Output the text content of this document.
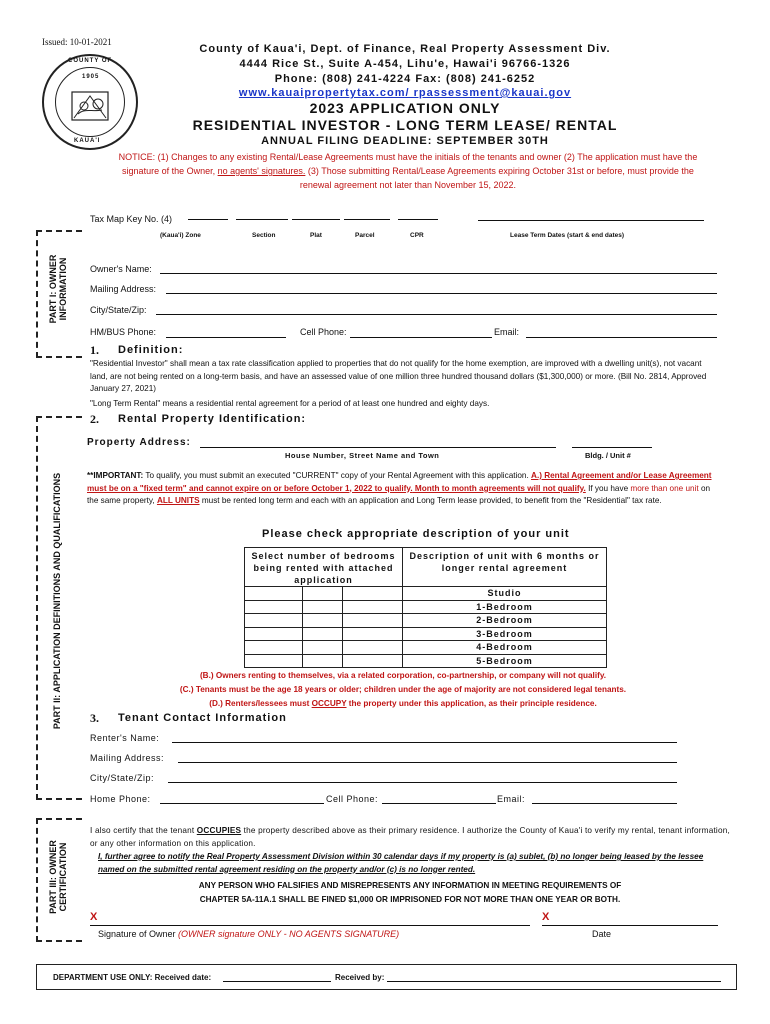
Issued: 10-01-2021
COUNTY OF
KAUA'I
1905
County of Kaua'i, Dept. of Finance, Real Property Assessment Div.
4444 Rice St., Suite A-454, Lihu'e, Hawai'i 96766-1326
Phone: (808) 241-4224 Fax: (808) 241-6252
www.kauaipropertytax.com/ rpassessment@kauai.gov
2023 APPLICATION ONLY
RESIDENTIAL INVESTOR - LONG TERM LEASE/ RENTAL
ANNUAL FILING DEADLINE: SEPTEMBER 30TH
NOTICE: (1) Changes to any existing Rental/Lease Agreements must have the initials of the tenants and owner (2) The application must have the signature of the Owner, no agents' signatures. (3) Those submitting Rental/Lease Agreements expiring October 31st or before, must provide the renewal agreement not later than November 15, 2022.
Tax Map Key No. (4)
(Kaua'i) Zone	Section	Plat	Parcel	CPR	Lease Term Dates (start & end dates)
PART I: OWNER INFORMATION Owner's Name:
Mailing Address:
City/State/Zip:
HM/BUS Phone:	Cell Phone:	Email:
1. Definition:
"Residential Investor" shall mean a tax rate classification applied to properties that do not qualify for the home exemption, are improved with a dwelling unit(s), not vacant land, are not being rented on a long-term basis, and have an assessed value of one million three hundred thousand dollars ($1,300,000) or more. (Bill No. 2814, Approved January 27, 2021)
"Long Term Rental" means a residential rental agreement for a period of at least one hundred and eighty days.
PART II: APPLICATION DEFINITIONS AND QUALIFICATIONS
2. Rental Property Identification:
Property Address:
House Number, Street Name and Town	Bldg. / Unit #
**IMPORTANT: To qualify, you must submit an executed "CURRENT" copy of your Rental Agreement with this application. A.) Rental Agreement and/or Lease Agreement must be on a "fixed term" and cannot expire on or before October 1, 2022 to qualify. Month to month agreements will not qualify. If you have more than one unit on the same property, ALL UNITS must be rented long term and each with an application and Long Term lease provided, to benefit from the "Residential" tax rate.
Please check appropriate description of your unit
Select number of bedrooms being rented with attached application			Description of unit with 6 months or longer rental agreement
			Studio
			1-Bedroom
			2-Bedroom
			3-Bedroom
			4-Bedroom
			5-Bedroom
(B.) Owners renting to themselves, via a related corporation, co-partnership, or company will not qualify.
(C.) Tenants must be the age 18 years or older; children under the age of majority are not considered legal tenants.
(D.) Renters/lessees must OCCUPY the property under this application, as their principle residence.
3. Tenant Contact Information
Renter's Name:
Mailing Address:
City/State/Zip:
Home Phone:	Cell Phone:	Email:
PART III: OWNER CERTIFICATION
I also certify that the tenant OCCUPIES the property described above as their primary residence. I authorize the County of Kaua'i to verify my rental, tenant information, or any other information on this application.
I, further agree to notify the Real Property Assessment Division within 30 calendar days if my property is (a) sublet, (b) no longer being leased by the lessee named on the submitted rental agreement residing on the property and/or (c) is no longer rented.
ANY PERSON WHO FALSIFIES AND MISREPRESENTS ANY INFORMATION IN MEETING REQUIREMENTS OF
CHAPTER 5A-11A.1 SHALL BE FINED $1,000 OR IMPRISONED FOR NOT MORE THAN ONE YEAR OR BOTH.
X	X
Signature of Owner (OWNER signature ONLY - NO AGENTS SIGNATURE)	Date
DEPARTMENT USE ONLY: Received date:	Received by:
